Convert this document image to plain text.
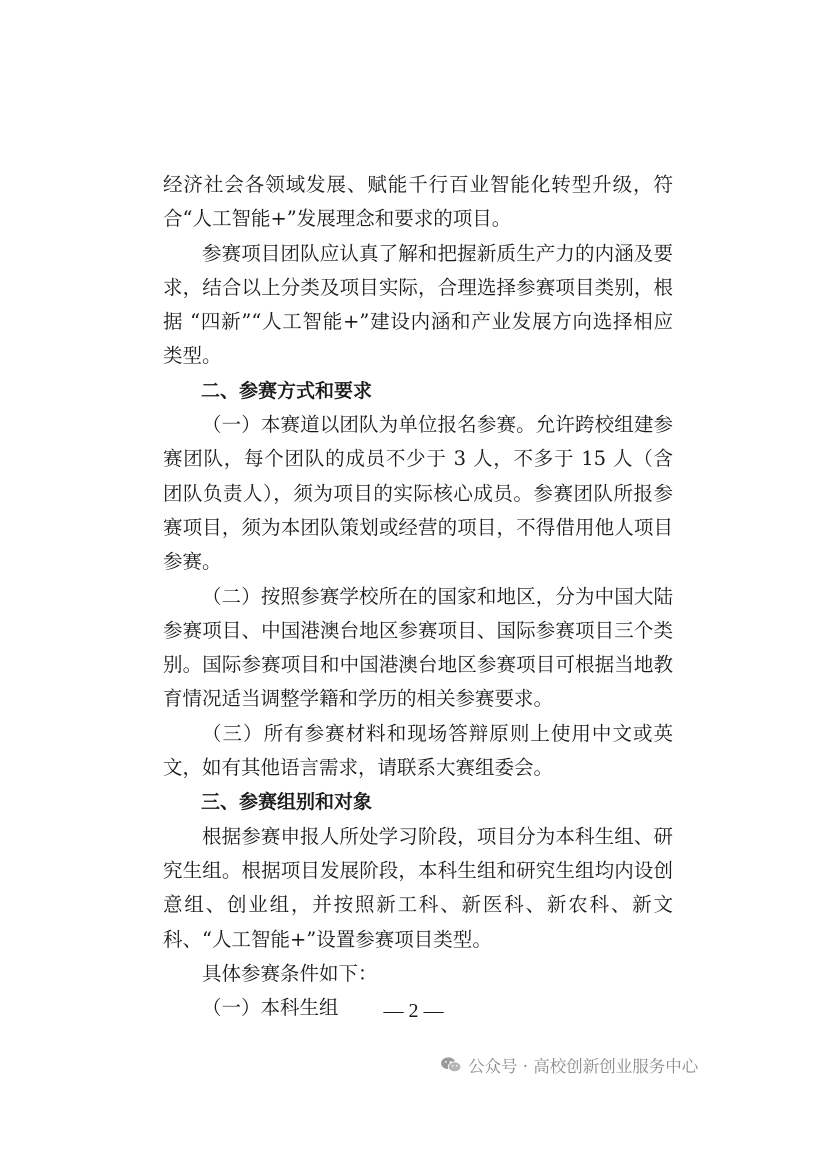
经济社会各领域发展、赋能千行百业智能化转型升级，符合“人工智能+”发展理念和要求的项目。

参赛项目团队应认真了解和把握新质生产力的内涵及要求，结合以上分类及项目实际，合理选择参赛项目类别，根据 “四新”“人工智能+”建设内涵和产业发展方向选择相应类型。

二、参赛方式和要求

（一）本赛道以团队为单位报名参赛。允许跨校组建参赛团队，每个团队的成员不少于 3 人，不多于 15 人（含团队负责人），须为项目的实际核心成员。参赛团队所报参赛项目，须为本团队策划或经营的项目，不得借用他人项目参赛。

（二）按照参赛学校所在的国家和地区，分为中国大陆参赛项目、中国港澳台地区参赛项目、国际参赛项目三个类别。国际参赛项目和中国港澳台地区参赛项目可根据当地教育情况适当调整学籍和学历的相关参赛要求。

（三）所有参赛材料和现场答辩原则上使用中文或英文，如有其他语言需求，请联系大赛组委会。

三、参赛组别和对象

根据参赛申报人所处学习阶段，项目分为本科生组、研究生组。根据项目发展阶段，本科生组和研究生组均内设创意组、创业组，并按照新工科、新医科、新农科、新文科、“人工智能+”设置参赛项目类型。

具体参赛条件如下：

（一）本科生组	— 2 —
公众号 · 高校创新创业服务中心
